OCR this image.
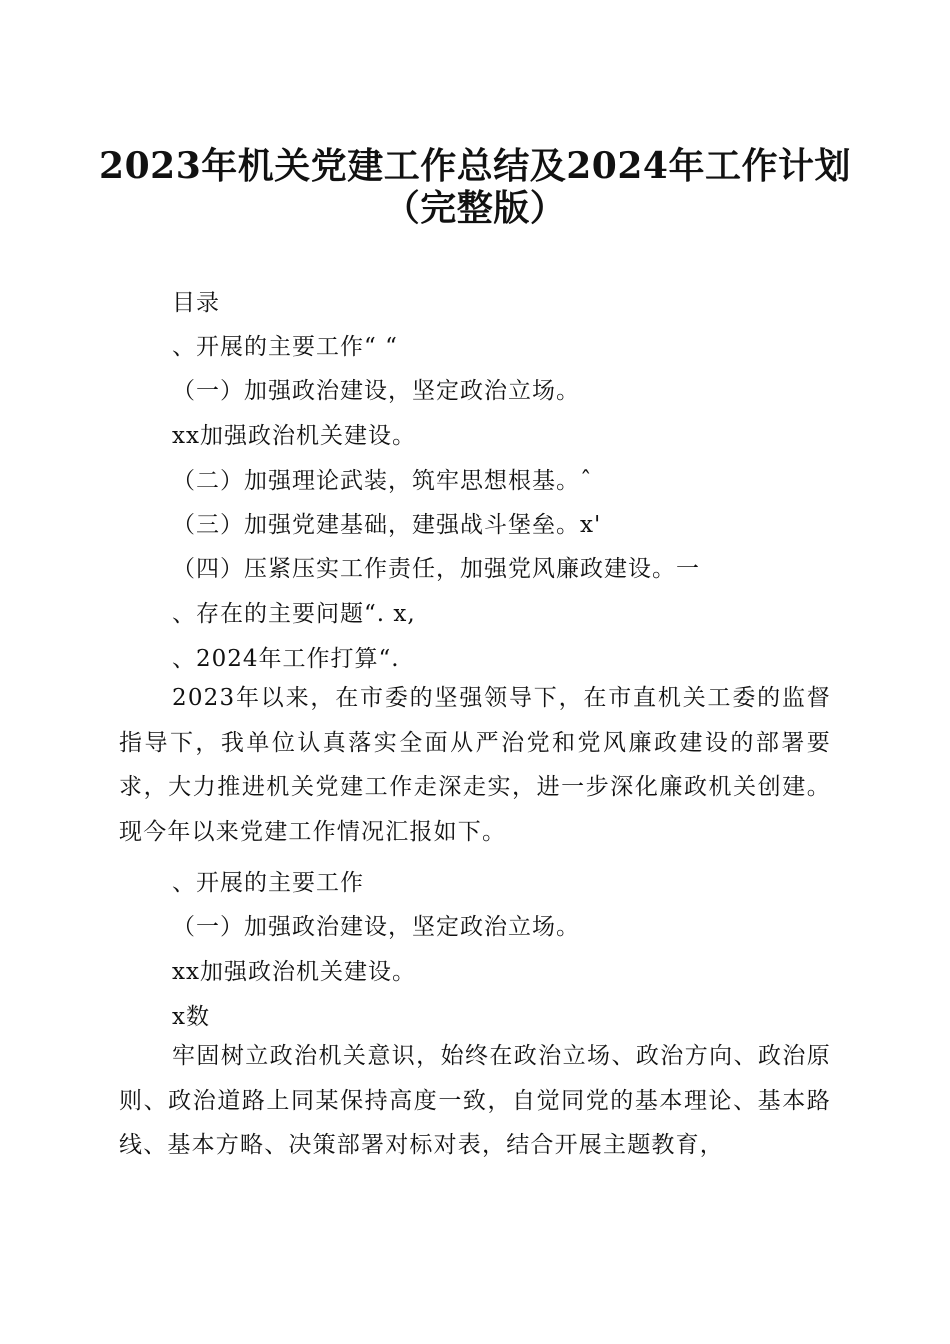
2023年机关党建工作总结及2024年工作计划
（完整版）
目录
、开展的主要工作“ “
（一）加强政治建设，坚定政治立场。
xx加强政治机关建设。
（二）加强理论武装，筑牢思想根基。ˆ
（三）加强党建基础，建强战斗堡垒。x'
（四）压紧压实工作责任，加强党风廉政建设。一
、存在的主要问题“. x,
、2024年工作打算“.

2023年以来，在市委的坚强领导下，在市直机关工委的监督指导下，我单位认真落实全面从严治党和党风廉政建设的部署要求，大力推进机关党建工作走深走实，进一步深化廉政机关创建。现今年以来党建工作情况汇报如下。

、开展的主要工作
（一）加强政治建设，坚定政治立场。
xx加强政治机关建设。
x数

牢固树立政治机关意识，始终在政治立场、政治方向、政治原则、政治道路上同某保持高度一致，自觉同党的基本理论、基本路线、基本方略、决策部署对标对表，结合开展主题教育，
